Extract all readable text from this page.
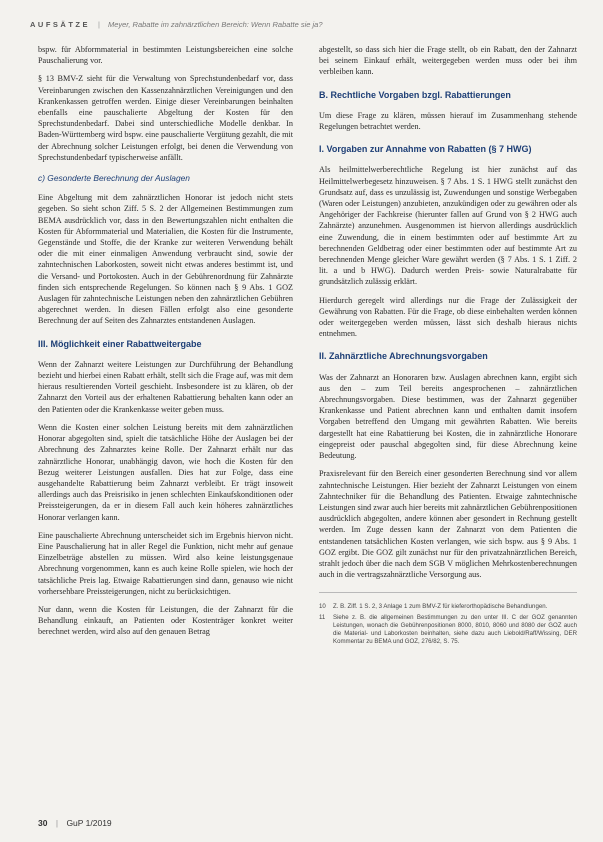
AUFSÄTZE | Meyer, Rabatte im zahnärztlichen Bereich: Wenn Rabatte sie ja?

bspw. für Abformmaterial in bestimmten Leistungsbereichen eine solche Pauschalierung vor.

§ 13 BMV-Z sieht für die Verwaltung von Sprechstundenbedarf vor, dass Vereinbarungen zwischen den Kassenzahnärztlichen Vereinigungen und den Krankenkassen getroffen werden. Einige dieser Vereinbarungen beinhalten ebenfalls eine pauschalierte Abgeltung der Kosten für den Sprechstundenbedarf. Dabei sind unterschiedliche Modelle denkbar. In Baden-Württemberg wird bspw. eine pauschalierte Vergütung gezahlt, die mit der Abrechnung solcher Leistungen erfolgt, bei denen die Verwendung von Sprechstundenbedarf typischerweise anfällt.

c) Gesonderte Berechnung der Auslagen

Eine Abgeltung mit dem zahnärztlichen Honorar ist jedoch nicht stets gegeben. So sieht schon Ziff. 5 S. 2 der Allgemeinen Bestimmungen zum BEMA ausdrücklich vor, dass in den Bewertungszahlen nicht enthalten die Kosten für Abformmaterial und Materialien, die Kosten für die Instrumente, Gegenstände und Stoffe, die der Kranke zur weiteren Verwendung behält oder die mit einer einmaligen Anwendung verbraucht sind, sowie der zahntechnischen Laborkosten, soweit nicht etwas anderes bestimmt ist, und die Versand- und Portokosten. Auch in der Gebührenordnung für Zahnärzte finden sich entsprechende Regelungen. So können nach § 9 Abs. 1 GOZ Auslagen für zahntechnische Leistungen neben den zahnärztlichen Gebühren abgerechnet werden. In diesen Fällen erfolgt also eine gesonderte Berechnung der auf Seiten des Zahnarztes entstandenen Auslagen.

III. Möglichkeit einer Rabattweitergabe

Wenn der Zahnarzt weitere Leistungen zur Durchführung der Behandlung bezieht und hierbei einen Rabatt erhält, stellt sich die Frage auf, was mit dem hieraus resultierenden Vorteil geschieht. Insbesondere ist zu klären, ob der Zahnarzt den Vorteil aus der erhaltenen Rabattierung behalten kann oder an den Patienten oder die Krankenkasse weiter geben muss.

Wenn die Kosten einer solchen Leistung bereits mit dem zahnärztlichen Honorar abgegolten sind, spielt die tatsächliche Höhe der Auslagen bei der Abrechnung des Zahnarztes keine Rolle. Der Zahnarzt erhält nur das zahnärztliche Honorar, unabhängig davon, wie hoch die Kosten für den Bezug weiterer Leistungen ausfallen. Dies hat zur Folge, dass eine ausgehandelte Rabattierung beim Zahnarzt verbleibt. Er trägt insoweit allerdings auch das Preisrisiko in jenen schlechten Einkaufskonditionen oder Preissteigerungen, da er in diesem Fall auch kein höheres zahnärztliches Honorar verlangen kann.

Eine pauschalierte Abrechnung unterscheidet sich im Ergebnis hiervon nicht. Eine Pauschalierung hat in aller Regel die Funktion, nicht mehr auf genaue Einzelbeträge abstellen zu müssen. Wird also keine leistungsgenaue Abrechnung vorgenommen, kann es auch keine Rolle spielen, wie hoch der tatsächliche Preis lag. Etwaige Rabattierungen sind dann, genauso wie nicht vorhersehbare Preissteigerungen, nicht zu berücksichtigen.

Nur dann, wenn die Kosten für Leistungen, die der Zahnarzt für die Behandlung einkauft, an Patienten oder Kostenträger konkret weiter berechnet werden, wird also auf den genauen Betrag

abgestellt, so dass sich hier die Frage stellt, ob ein Rabatt, den der Zahnarzt bei seinem Einkauf erhält, weitergegeben werden muss oder bei ihm verbleiben kann.

B. Rechtliche Vorgaben bzgl. Rabattierungen

Um diese Frage zu klären, müssen hierauf im Zusammenhang stehende Regelungen betrachtet werden.

I. Vorgaben zur Annahme von Rabatten (§ 7 HWG)

Als heilmittelwerberechtliche Regelung ist hier zunächst auf das Heilmittelwerbegesetz hinzuweisen. § 7 Abs. 1 S. 1 HWG stellt zunächst den Grundsatz auf, dass es unzulässig ist, Zuwendungen und sonstige Werbegaben (Waren oder Leistungen) anzubieten, anzukündigen oder zu gewähren oder als Angehöriger der Fachkreise (hierunter fallen auf Grund von § 2 HWG auch Zahnärzte) anzunehmen. Ausgenommen ist hiervon allerdings ausdrücklich eine Zuwendung, die in einem bestimmten oder auf bestimmte Art zu berechnenden Geldbetrag oder einer bestimmten oder auf bestimmte Art zu berechnenden Menge gleicher Ware gewährt werden (§ 7 Abs. 1 S. 1 Ziff. 2 lit. a und b HWG). Dadurch werden Preis- sowie Naturalrabatte für grundsätzlich zulässig erklärt.

Hierdurch geregelt wird allerdings nur die Frage der Zulässigkeit der Gewährung von Rabatten. Für die Frage, ob diese einbehalten werden können oder weitergegeben werden müssen, lässt sich deshalb hieraus nichts entnehmen.

II. Zahnärztliche Abrechnungsvorgaben

Was der Zahnarzt an Honoraren bzw. Auslagen abrechnen kann, ergibt sich aus den – zum Teil bereits angesprochenen – zahnärztlichen Abrechnungsvorgaben. Diese bestimmen, was der Zahnarzt gegenüber Krankenkasse und Patient abrechnen kann und enthalten damit insofern Vorgaben betreffend den Umgang mit gewährten Rabatten. Wie bereits dargestellt hat eine Rabattierung bei Kosten, die in zahnärztliche Honorare eingepreist oder pauschal abgegolten sind, für diese Abrechnung keine Bedeutung.

Praxisrelevant für den Bereich einer gesonderten Berechnung sind vor allem zahntechnische Leistungen. Hier bezieht der Zahnarzt Leistungen von einem Zahntechniker für die Behandlung des Patienten. Etwaige zahntechnische Leistungen sind zwar auch hier bereits mit zahnärztlichen Gebührenpositionen ausdrücklich abgegolten, andere können aber gesondert in Rechnung gestellt werden. Im Zuge dessen kann der Zahnarzt von dem Patienten die entstandenen tatsächlichen Kosten verlangen, wie sich bspw. aus § 9 Abs. 1 GOZ ergibt. Die GOZ gilt zunächst nur für den privatzahnärztlichen Bereich, strahlt jedoch über die nach dem SGB V möglichen Mehrkostenberechnungen auch in die vertragszahnärztliche Versorgung aus.

10	Z. B. Ziff. 1 S. 2, 3 Anlage 1 zum BMV-Z für kieferorthopädische Behandlungen.
11	Siehe z. B. die allgemeinen Bestimmungen zu den unter III. C der GOZ genannten Leistungen, wonach die Gebührenpositionen 8000, 8010, 8060 und 8080 der GOZ auch die Material- und Laborkosten beinhalten, siehe dazu auch Liebold/Raff/Wissing, DER Kommentar zu BEMA und GOZ, 276/82, S. 75.
30 | GuP 1/2019
